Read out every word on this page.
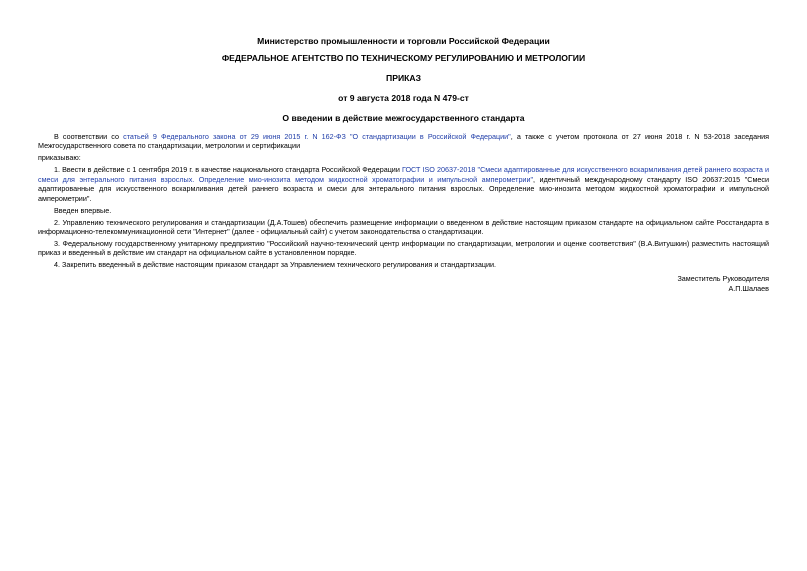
Министерство промышленности и торговли Российской Федерации
ФЕДЕРАЛЬНОЕ АГЕНТСТВО ПО ТЕХНИЧЕСКОМУ РЕГУЛИРОВАНИЮ И МЕТРОЛОГИИ
ПРИКАЗ
от 9 августа 2018 года N 479-ст
О введении в действие межгосударственного стандарта

В соответствии со статьей 9 Федерального закона от 29 июня 2015 г. N 162-ФЗ "О стандартизации в Российской Федерации", а также с учетом протокола от 27 июня 2018 г. N 53-2018 заседания Межгосударственного совета по стандартизации, метрологии и сертификации

приказываю:

1. Ввести в действие с 1 сентября 2019 г. в качестве национального стандарта Российской Федерации ГОСТ ISO 20637-2018 "Смеси адаптированные для искусственного вскармливания детей раннего возраста и смеси для энтерального питания взрослых. Определение мио-инозита методом жидкостной хроматографии и импульсной амперометрии", идентичный международному стандарту ISO 20637:2015 "Смеси адаптированные для искусственного вскармливания детей раннего возраста и смеси для энтерального питания взрослых. Определение мио-инозита методом жидкостной хроматографии и импульсной амперометрии".

Введен впервые.

2. Управлению технического регулирования и стандартизации (Д.А.Тошев) обеспечить размещение информации о введенном в действие настоящим приказом стандарте на официальном сайте Росстандарта в информационно-телекоммуникационной сети "Интернет" (далее - официальный сайт) с учетом законодательства о стандартизации.

3. Федеральному государственному унитарному предприятию "Российский научно-технический центр информации по стандартизации, метрологии и оценке соответствия" (В.А.Витушкин) разместить настоящий приказ и введенный в действие им стандарт на официальном сайте в установленном порядке.

4. Закрепить введенный в действие настоящим приказом стандарт за Управлением технического регулирования и стандартизации.

Заместитель Руководителя
А.П.Шалаев
